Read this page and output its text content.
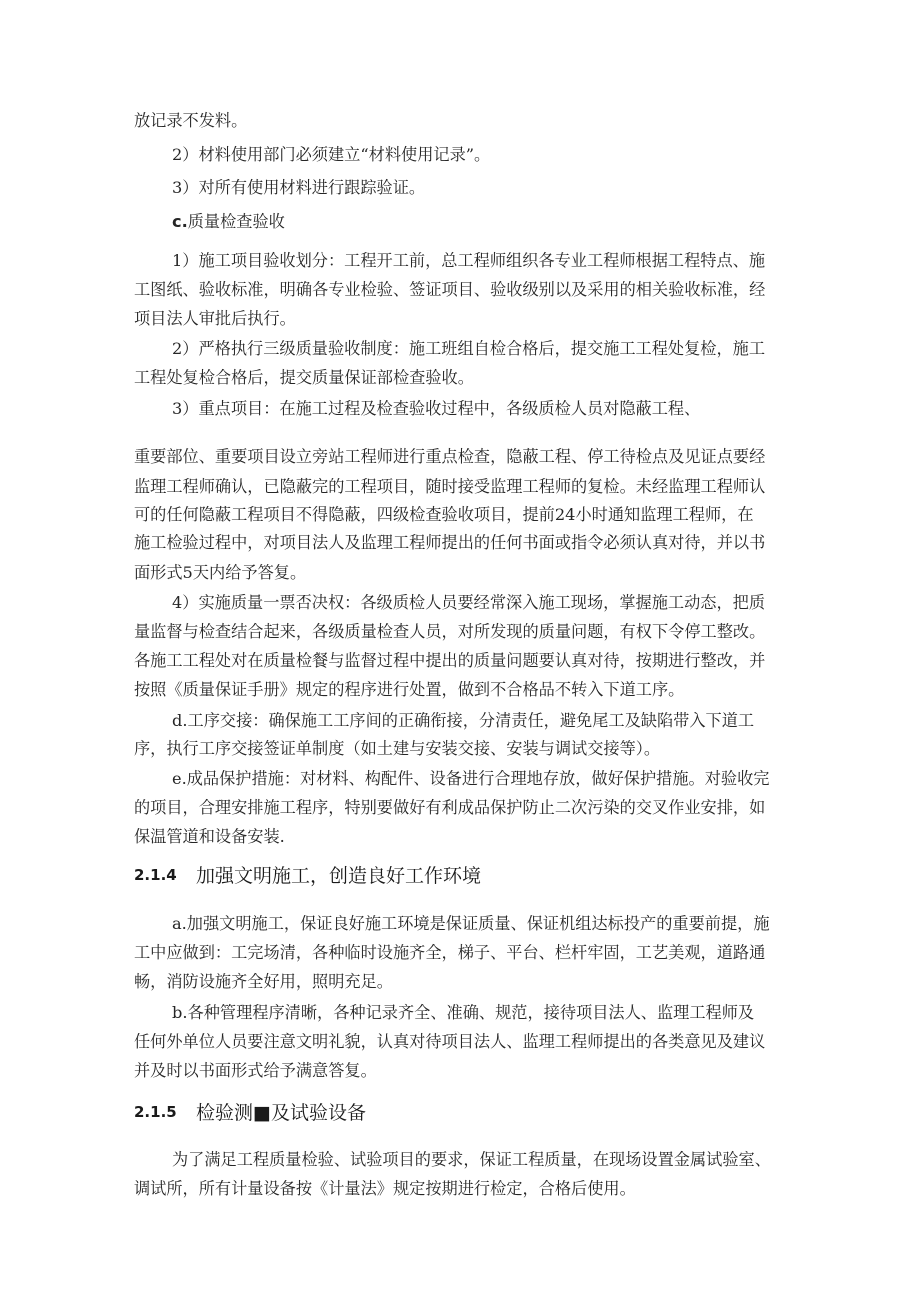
放记录不发料。
2）材料使用部门必须建立“材料使用记录”。
3）对所有使用材料进行跟踪验证。
c.质量检查验收
1）施工项目验收划分：工程开工前，总工程师组织各专业工程师根据工程特点、施
工图纸、验收标准，明确各专业检验、签证项目、验收级别以及采用的相关验收标准，经
项目法人审批后执行。
2）严格执行三级质量验收制度：施工班组自检合格后，提交施工工程处复检，施工
工程处复检合格后，提交质量保证部检查验收。
3）重点项目：在施工过程及检查验收过程中，各级质检人员对隐蔽工程、
重要部位、重要项目设立旁站工程师进行重点检查，隐蔽工程、停工待检点及见证点要经
监理工程师确认，已隐蔽完的工程项目，随时接受监理工程师的复检。未经监理工程师认
可的任何隐蔽工程项目不得隐蔽，四级检查验收项目，提前24小时通知监理工程师，在
施工检验过程中，对项目法人及监理工程师提出的任何书面或指令必须认真对待，并以书
面形式5天内给予答复。
4）实施质量一票否决权：各级质检人员要经常深入施工现场，掌握施工动态，把质
量监督与检查结合起来，各级质量检查人员，对所发现的质量问题，有权下令停工整改。
各施工工程处对在质量检餐与监督过程中提出的质量问题要认真对待，按期进行整改，并
按照《质量保证手册》规定的程序进行处置，做到不合格品不转入下道工序。
d.工序交接：确保施工工序间的正确衔接，分清责任，避免尾工及缺陷带入下道工
序，执行工序交接签证单制度（如土建与安装交接、安装与调试交接等）。
e.成品保护措施：对材料、构配件、设备进行合理地存放，做好保护措施。对验收完
的项目，合理安排施工程序，特别要做好有利成品保护防止二次污染的交叉作业安排，如
保温管道和设备安装.
2.1.4 加强文明施工，创造良好工作环境
a.加强文明施工，保证良好施工环境是保证质量、保证机组达标投产的重要前提，施
工中应做到：工完场清，各种临时设施齐全，梯子、平台、栏杆牢固，工艺美观，道路通
畅，消防设施齐全好用，照明充足。
b.各种管理程序清晰，各种记录齐全、准确、规范，接待项目法人、监理工程师及
任何外单位人员要注意文明礼貌，认真对待项目法人、监理工程师提出的各类意见及建议
并及时以书面形式给予满意答复。
2.1.5 检验测■及试验设备
为了满足工程质量检验、试验项目的要求，保证工程质量，在现场设置金属试验室、
调试所，所有计量设备按《计量法》规定按期进行检定，合格后使用。
